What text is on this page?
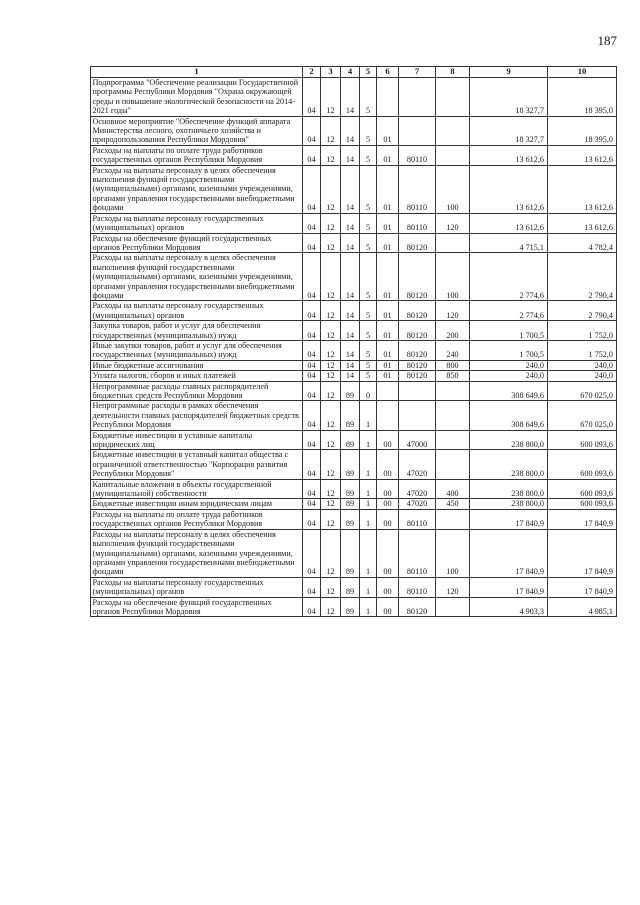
187
1	2	3	4	5	6	7	8	9	10
Подпрограмма "Обеспечение реализации Государственной программы Республики Мордовия "Охрана окружающей среды и повышение экологической безопасности на 2014-2021 годы"	04	12	14	5				18 327,7	18 395,0
Основное мероприятие "Обеспечение функций аппарата Министерства лесного, охотничьего хозяйства и природопользования Республики Мордовия"	04	12	14	5	01			18 327,7	18 395,0
Расходы на выплаты по оплате труда работников государственных органов Республики Мордовия	04	12	14	5	01	80110		13 612,6	13 612,6
Расходы на выплаты персоналу в целях обеспечения выполнения функций государственными (муниципальными) органами, казенными учреждениями, органами управления государственными внебюджетными фондами	04	12	14	5	01	80110	100	13 612,6	13 612,6
Расходы на выплаты персоналу государственных (муниципальных) органов	04	12	14	5	01	80110	120	13 612,6	13 612,6
Расходы на обеспечение функций государственных органов Республики Мордовия	04	12	14	5	01	80120		4 715,1	4 782,4
Расходы на выплаты персоналу в целях обеспечения выполнения функций государственными (муниципальными) органами, казенными учреждениями, органами управления государственными внебюджетными фондами	04	12	14	5	01	80120	100	2 774,6	2 790,4
Расходы на выплаты персоналу государственных (муниципальных) органов	04	12	14	5	01	80120	120	2 774,6	2 790,4
Закупка товаров, работ и услуг для обеспечения государственных (муниципальных) нужд	04	12	14	5	01	80120	200	1 700,5	1 752,0
Иные закупки товаров, работ и услуг для обеспечения государственных (муниципальных) нужд	04	12	14	5	01	80120	240	1 700,5	1 752,0
Иные бюджетные ассигнования	04	12	14	5	01	80120	800	240,0	240,0
Уплата налогов, сборов и иных платежей	04	12	14	5	01	80120	850	240,0	240,0
Непрограммные расходы главных распорядителей бюджетных средств Республики Мордовия	04	12	89	0				308 649,6	670 025,0
Непрограммные расходы в рамках обеспечения деятельности главных распорядителей бюджетных средств Республики Мордовия	04	12	89	1				308 649,6	670 025,0
Бюджетные инвестиции в уставные капиталы юридических лиц	04	12	89	1	00	47000		238 800,0	600 093,6
Бюджетные инвестиции в уставный капитал общества с ограниченной ответственностью "Корпорация развития Республики Мордовия"	04	12	89	1	00	47020		238 800,0	600 093,6
Капитальные вложения в объекты государственной (муниципальной) собственности	04	12	89	1	00	47020	400	238 800,0	600 093,6
Бюджетные инвестиции иным юридическим лицам	04	12	89	1	00	47020	450	238 800,0	600 093,6
Расходы на выплаты по оплате труда работников государственных органов Республики Мордовия	04	12	89	1	00	80110		17 840,9	17 840,9
Расходы на выплаты персоналу в целях обеспечения выполнения функций государственными (муниципальными) органами, казенными учреждениями, органами управления государственными внебюджетными фондами	04	12	89	1	00	80110	100	17 840,9	17 840,9
Расходы на выплаты персоналу государственных (муниципальных) органов	04	12	89	1	00	80110	120	17 840,9	17 840,9
Расходы на обеспечение функций государственных органов Республики Мордовия	04	12	89	1	00	80120		4 903,3	4 985,1
